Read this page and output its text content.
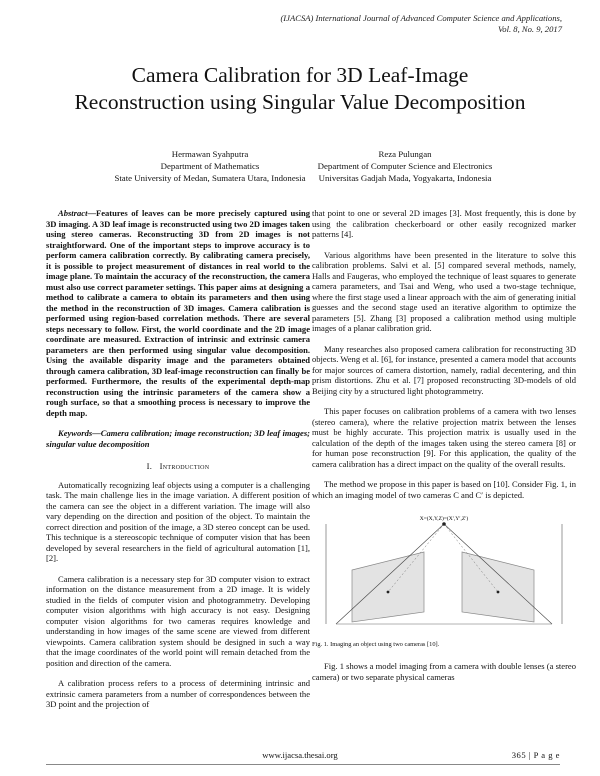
(IJACSA) International Journal of Advanced Computer Science and Applications,
Vol. 8, No. 9, 2017
Camera Calibration for 3D Leaf-Image
Reconstruction using Singular Value Decomposition
Hermawan Syahputra
Department of Mathematics
State University of Medan, Sumatera Utara, Indonesia
Reza Pulungan
Department of Computer Science and Electronics
Universitas Gadjah Mada, Yogyakarta, Indonesia

Abstract—Features of leaves can be more precisely captured using 3D imaging. A 3D leaf image is reconstructed using two 2D images taken using stereo cameras. Reconstructing 3D from 2D images is not straightforward. One of the important steps to improve accuracy is to perform camera calibration correctly. By calibrating camera precisely, it is possible to project measurement of distances in real world to the image plane. To maintain the accuracy of the reconstruction, the camera must also use correct parameter settings. This paper aims at designing a method to calibrate a camera to obtain its parameters and then using the method in the reconstruction of 3D images. Camera calibration is performed using region-based correlation methods. There are several steps necessary to follow. First, the world coordinate and the 2D image coordinate are measured. Extraction of intrinsic and extrinsic camera parameters are then performed using singular value decomposition. Using the available disparity image and the parameters obtained through camera calibration, 3D leaf-image reconstruction can finally be performed. Furthermore, the results of the experimental depth-map reconstruction using the intrinsic parameters of the camera show a rough surface, so that a smoothing process is necessary to improve the depth map.

Keywords—Camera calibration; image reconstruction; 3D leaf images; singular value decomposition

I. Introduction

Automatically recognizing leaf objects using a computer is a challenging task. The main challenge lies in the image variation. A different position of the camera can see the object in a different variation. The image will also vary depending on the direction and position of the object. To maintain the correct direction and position of the image, a 3D stereo concept can be used. This technique is a stereoscopic technique of computer vision that has been developed by several researchers in the field of agricultural automation [1], [2].

Camera calibration is a necessary step for 3D computer vision to extract information on the distance measurement from a 2D image. It is widely studied in the fields of computer vision and photogrammetry. Developing computer vision algorithms with high accuracy is not easy. Designing computer vision algorithms for two cameras requires knowledge and understanding in how images of the same scene are viewed from different viewpoints. Camera calibration system should be designed in such a way that the image coordinates of the world point will remain detached from the position and direction of the camera.

A calibration process refers to a process of determining intrinsic and extrinsic camera parameters from a number of correspondences between the 3D point and the projection of

that point to one or several 2D images [3]. Most frequently, this is done by using the calibration checkerboard or other easily recognized marker patterns [4].

Various algorithms have been presented in the literature to solve this calibration problems. Salvi et al. [5] compared several methods, namely, Halls and Faugeras, who employed the technique of least squares to generate camera parameters, and Tsai and Weng, who used a two-stage technique, where the first stage used a linear approach with the aim of generating initial guesses and the second stage used an iterative algorithm to optimize the parameters [5]. Zhang [3] proposed a calibration method using multiple images of a planar calibration grid.

Many researches also proposed camera calibration for reconstructing 3D objects. Weng et al. [6], for instance, presented a camera model that accounts for major sources of camera distortion, namely, radial decentering, and thin prism distortions. Zhu et al. [7] proposed reconstructing 3D-models of old Beijing city by a structured light photogrammetry.

This paper focuses on calibration problems of a camera with two lenses (stereo camera), where the relative projection matrix between the lenses must be highly accurate. This projection matrix is usually used in the calculation of the depth of the images taken using the stereo camera [8] or for human pose reconstruction [9]. For this application, the quality of the camera calibration has a direct impact on the quality of the overall results.

The method we propose in this paper is based on [10]. Consider Fig. 1, in which an imaging model of two cameras C and C′ is depicted.

X=(X,Y,Z)=(X′,Y′,Z′)
Fig. 1. Imaging an object using two cameras [10].

Fig. 1 shows a model imaging from a camera with double lenses (a stereo camera) or two separate physical cameras

www.ijacsa.thesai.org	365 | P a g e
